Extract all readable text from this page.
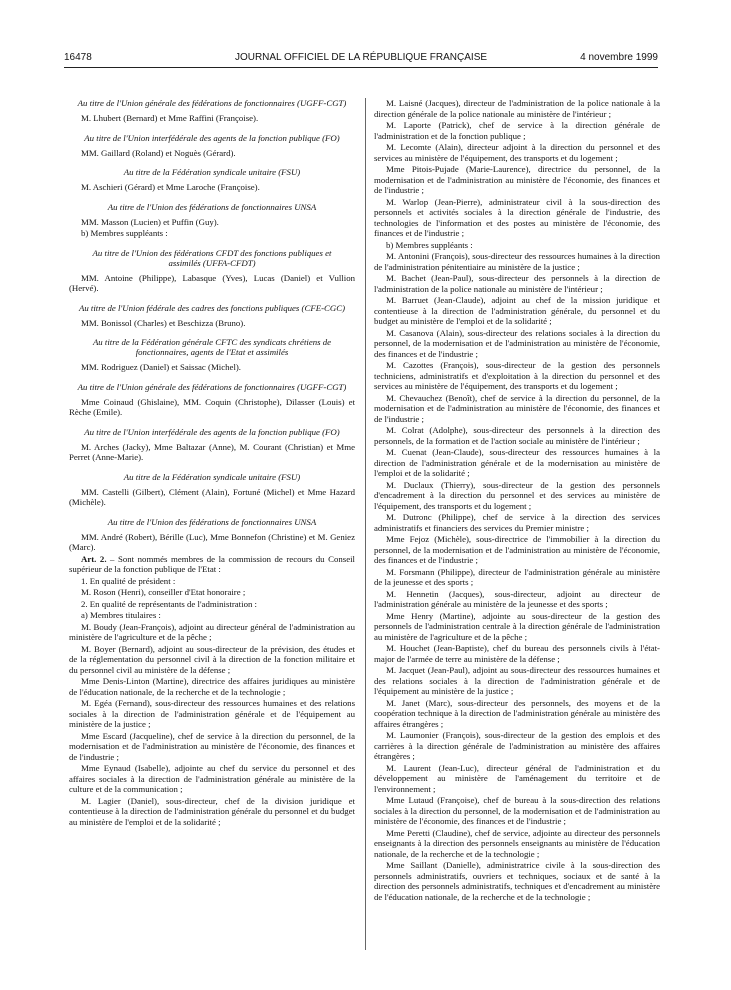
16478	JOURNAL OFFICIEL DE LA RÉPUBLIQUE FRANÇAISE	4 novembre 1999
Au titre de l'Union générale des fédérations de fonctionnaires (UGFF-CGT)
M. Lhubert (Bernard) et Mme Raffini (Françoise).
Au titre de l'Union interfédérale des agents de la fonction publique (FO)
MM. Gaillard (Roland) et Noguès (Gérard).
Au titre de la Fédération syndicale unitaire (FSU)
M. Aschieri (Gérard) et Mme Laroche (Françoise).
Au titre de l'Union des fédérations de fonctionnaires UNSA
MM. Masson (Lucien) et Puffin (Guy).
b) Membres suppléants :
Au titre de l'Union des fédérations CFDT des fonctions publiques et assimilés (UFFA-CFDT)
MM. Antoine (Philippe), Labasque (Yves), Lucas (Daniel) et Vullion (Hervé).
Au titre de l'Union fédérale des cadres des fonctions publiques (CFE-CGC)
MM. Bonissol (Charles) et Beschizza (Bruno).
Au titre de la Fédération générale CFTC des syndicats chrétiens de fonctionnaires, agents de l'Etat et assimilés
MM. Rodriguez (Daniel) et Saissac (Michel).
Au titre de l'Union générale des fédérations de fonctionnaires (UGFF-CGT)
Mme Coinaud (Ghislaine), MM. Coquin (Christophe), Dilasser (Louis) et Rèche (Emile).
Au titre de l'Union interfédérale des agents de la fonction publique (FO)
M. Arches (Jacky), Mme Baltazar (Anne), M. Courant (Christian) et Mme Perret (Anne-Marie).
Au titre de la Fédération syndicale unitaire (FSU)
MM. Castelli (Gilbert), Clément (Alain), Fortuné (Michel) et Mme Hazard (Michèle).
Au titre de l'Union des fédérations de fonctionnaires UNSA
MM. André (Robert), Bérille (Luc), Mme Bonnefon (Christine) et M. Geniez (Marc).
Art. 2. – Sont nommés membres de la commission de recours du Conseil supérieur de la fonction publique de l'Etat :
1. En qualité de président :
M. Roson (Henri), conseiller d'Etat honoraire ;
2. En qualité de représentants de l'administration :
a) Membres titulaires :
M. Boudy (Jean-François), adjoint au directeur général de l'administration au ministère de l'agriculture et de la pêche ;
M. Boyer (Bernard), adjoint au sous-directeur de la prévision, des études et de la réglementation du personnel civil à la direction de la fonction militaire et du personnel civil au ministère de la défense ;
Mme Denis-Linton (Martine), directrice des affaires juridiques au ministère de l'éducation nationale, de la recherche et de la technologie ;
M. Egéa (Fernand), sous-directeur des ressources humaines et des relations sociales à la direction de l'administration générale et de l'équipement au ministère de la justice ;
Mme Escard (Jacqueline), chef de service à la direction du personnel, de la modernisation et de l'administration au ministère de l'économie, des finances et de l'industrie ;
Mme Eynaud (Isabelle), adjointe au chef du service du personnel et des affaires sociales à la direction de l'administration générale au ministère de la culture et de la communication ;
M. Lagier (Daniel), sous-directeur, chef de la division juridique et contentieuse à la direction de l'administration générale du personnel et du budget au ministère de l'emploi et de la solidarité ;
M. Laisné (Jacques), directeur de l'administration de la police nationale à la direction générale de la police nationale au ministère de l'intérieur ;
M. Laporte (Patrick), chef de service à la direction générale de l'administration et de la fonction publique ;
M. Lecomte (Alain), directeur adjoint à la direction du personnel et des services au ministère de l'équipement, des transports et du logement ;
Mme Pitois-Pujade (Marie-Laurence), directrice du personnel, de la modernisation et de l'administration au ministère de l'économie, des finances et de l'industrie ;
M. Warlop (Jean-Pierre), administrateur civil à la sous-direction des personnels et activités sociales à la direction générale de l'industrie, des technologies de l'information et des postes au ministère de l'économie, des finances et de l'industrie ;
b) Membres suppléants :
M. Antonini (François), sous-directeur des ressources humaines à la direction de l'administration pénitentiaire au ministère de la justice ;
M. Bachet (Jean-Paul), sous-directeur des personnels à la direction de l'administration de la police nationale au ministère de l'intérieur ;
M. Barruet (Jean-Claude), adjoint au chef de la mission juridique et contentieuse à la direction de l'administration générale, du personnel et du budget au ministère de l'emploi et de la solidarité ;
M. Casanova (Alain), sous-directeur des relations sociales à la direction du personnel, de la modernisation et de l'administration au ministère de l'économie, des finances et de l'industrie ;
M. Cazottes (François), sous-directeur de la gestion des personnels techniciens, administratifs et d'exploitation à la direction du personnel et des services au ministère de l'équipement, des transports et du logement ;
M. Chevauchez (Benoît), chef de service à la direction du personnel, de la modernisation et de l'administration au ministère de l'économie, des finances et de l'industrie ;
M. Colrat (Adolphe), sous-directeur des personnels à la direction des personnels, de la formation et de l'action sociale au ministère de l'intérieur ;
M. Cuenat (Jean-Claude), sous-directeur des ressources humaines à la direction de l'administration générale et de la modernisation au ministère de l'emploi et de la solidarité ;
M. Duclaux (Thierry), sous-directeur de la gestion des personnels d'encadrement à la direction du personnel et des services au ministère de l'équipement, des transports et du logement ;
M. Dutronc (Philippe), chef de service à la direction des services administratifs et financiers des services du Premier ministre ;
Mme Fejoz (Michèle), sous-directrice de l'immobilier à la direction du personnel, de la modernisation et de l'administration au ministère de l'économie, des finances et de l'industrie ;
M. Forsmann (Philippe), directeur de l'administration générale au ministère de la jeunesse et des sports ;
M. Hennetin (Jacques), sous-directeur, adjoint au directeur de l'administration générale au ministère de la jeunesse et des sports ;
Mme Henry (Martine), adjointe au sous-directeur de la gestion des personnels de l'administration centrale à la direction générale de l'administration au ministère de l'agriculture et de la pêche ;
M. Houchet (Jean-Baptiste), chef du bureau des personnels civils à l'état-major de l'armée de terre au ministère de la défense ;
M. Jacquet (Jean-Paul), adjoint au sous-directeur des ressources humaines et des relations sociales à la direction de l'administration générale et de l'équipement au ministère de la justice ;
M. Janet (Marc), sous-directeur des personnels, des moyens et de la coopération technique à la direction de l'administration générale au ministère des affaires étrangères ;
M. Laumonier (François), sous-directeur de la gestion des emplois et des carrières à la direction générale de l'administration au ministère des affaires étrangères ;
M. Laurent (Jean-Luc), directeur général de l'administration et du développement au ministère de l'aménagement du territoire et de l'environnement ;
Mme Lutaud (Françoise), chef de bureau à la sous-direction des relations sociales à la direction du personnel, de la modernisation et de l'administration au ministère de l'économie, des finances et de l'industrie ;
Mme Peretti (Claudine), chef de service, adjointe au directeur des personnels enseignants à la direction des personnels enseignants au ministère de l'éducation nationale, de la recherche et de la technologie ;
Mme Saillant (Danielle), administratrice civile à la sous-direction des personnels administratifs, ouvriers et techniques, sociaux et de santé à la direction des personnels administratifs, techniques et d'encadrement au ministère de l'éducation nationale, de la recherche et de la technologie ;
